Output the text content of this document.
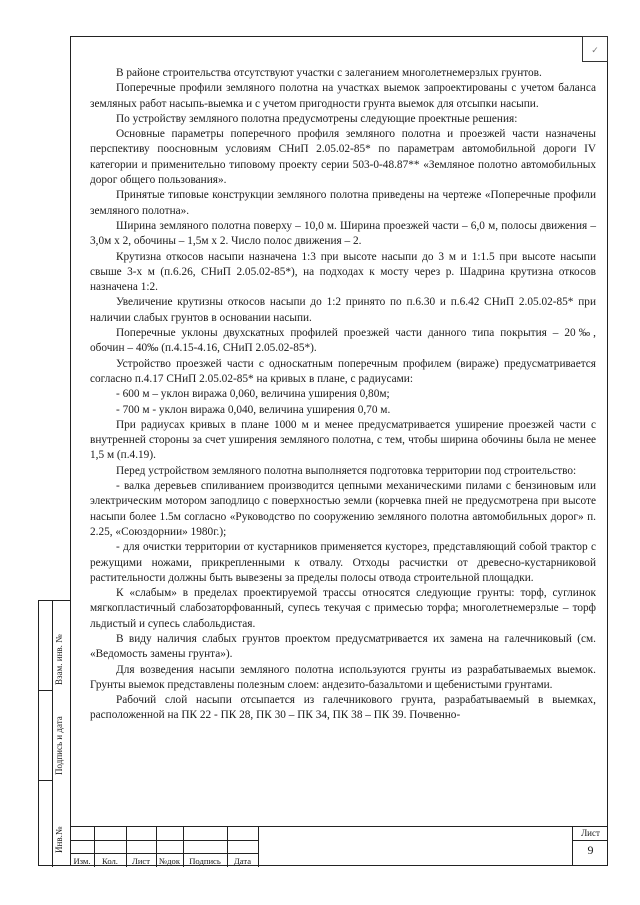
✓

В районе строительства отсутствуют участки с залеганием многолетнемерзлых грунтов.

Поперечные профили земляного полотна на участках выемок запроектированы с учетом баланса земляных работ насыпь-выемка и с учетом пригодности грунта выемок для отсыпки насыпи.

По устройству земляного полотна предусмотрены следующие проектные решения:

Основные параметры поперечного профиля земляного полотна и проезжей части назначены перспективу поосновным условиям СНиП 2.05.02-85* по параметрам автомобильной дороги IV категории и применительно типовому проекту серии 503-0-48.87** «Земляное полотно автомобильных дорог общего пользования».

Принятые типовые конструкции земляного полотна приведены на чертеже «Поперечные профили земляного полотна».

Ширина земляного полотна поверху – 10,0 м. Ширина проезжей части – 6,0 м, полосы движения – 3,0м x 2, обочины – 1,5м x 2. Число полос движения – 2.

Крутизна откосов насыпи назначена 1:3 при высоте насыпи до 3 м и 1:1.5 при высоте насыпи свыше 3-х м (п.6.26, СНиП 2.05.02-85*), на подходах к мосту через р. Шадрина крутизна откосов назначена 1:2.

Увеличение крутизны откосов насыпи до 1:2 принято по п.6.30 и п.6.42 СНиП 2.05.02-85* при наличии слабых грунтов в основании насыпи.

Поперечные уклоны двухскатных профилей проезжей части данного типа покрытия – 20‰, обочин – 40‰ (п.4.15-4.16, СНиП 2.05.02-85*).

Устройство проезжей части с односкатным поперечным профилем (вираже) предусматривается согласно п.4.17 СНиП 2.05.02-85* на кривых в плане, с радиусами:

- 600 м – уклон виража 0,060, величина уширения 0,80м;

- 700 м - уклон виража 0,040, величина уширения 0,70 м.

При радиусах кривых в плане 1000 м и менее предусматривается уширение проезжей части с внутренней стороны за счет уширения земляного полотна, с тем, чтобы ширина обочины была не менее 1,5 м (п.4.19).

Перед устройством земляного полотна выполняется подготовка территории под строительство:

- валка деревьев спиливанием производится цепными механическими пилами с бензиновым или электрическим мотором заподлицо с поверхностью земли (корчевка пней не предусмотрена при высоте насыпи более 1.5м согласно «Руководство по сооружению земляного полотна автомобильных дорог» п. 2.25, «Союздорнии» 1980г.);

- для очистки территории от кустарников применяется кусторез, представляющий собой трактор с режущими ножами, прикрепленными к отвалу. Отходы расчистки от древесно-кустарниковой растительности должны быть вывезены за пределы полосы отвода строительной площадки.

К «слабым» в пределах проектируемой трассы относятся следующие грунты: торф, суглинок мягкопластичный слабозаторфованный, супесь текучая с примесью торфа; многолетнемерзлые – торф льдистый и супесь слабольдистая.

В виду наличия слабых грунтов проектом предусматривается их замена на галечниковый (см. «Ведомость замены грунта»).

Для возведения насыпи земляного полотна используются грунты из разрабатываемых выемок. Грунты выемок представлены полезным слоем: андезито-базальтоми и щебенистыми грунтами.

Рабочий слой насыпи отсыпается из галечникового грунта, разрабатываемый в выемках, расположенной на ПК 22 - ПК 28, ПК 30 – ПК 34, ПК 38 – ПК 39. Почвенно-

Взам. инв. №
Подпись и дата
Инв.№
Изм.	Кол.	Лист	№док	Подпись	Дата
Лист
9
